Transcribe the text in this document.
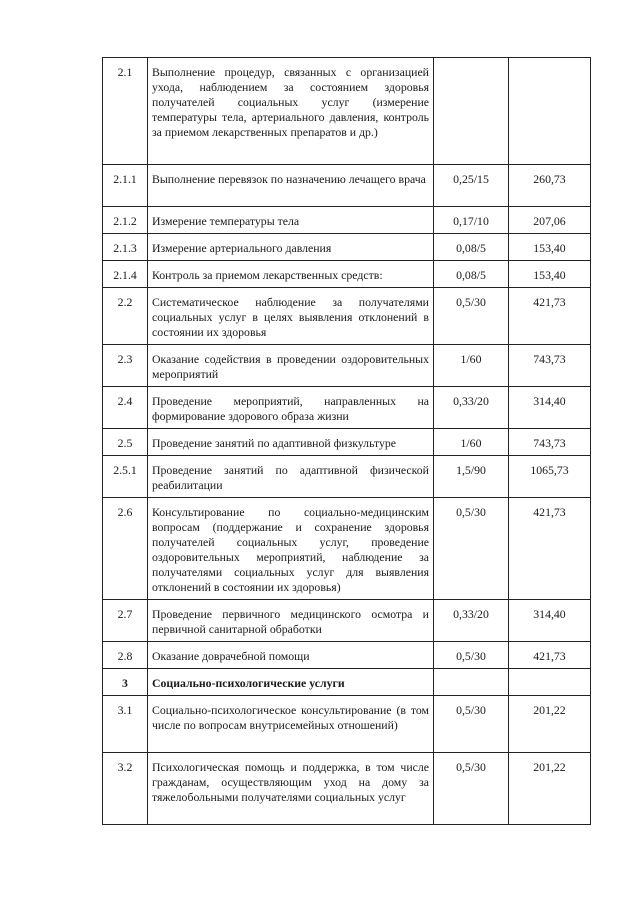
2.1	Выполнение процедур, связанных с организацией ухода, наблюдением за состоянием здоровья получателей социальных услуг (измерение температуры тела, артериального давления, контроль за приемом лекарственных препаратов и др.)		
2.1.1	Выполнение перевязок по назначению лечащего врача	0,25/15	260,73
2.1.2	Измерение температуры тела	0,17/10	207,06
2.1.3	Измерение артериального давления	0,08/5	153,40
2.1.4	Контроль за приемом лекарственных средств:	0,08/5	153,40
2.2	Систематическое наблюдение за получателями социальных услуг в целях выявления отклонений в состоянии их здоровья	0,5/30	421,73
2.3	Оказание содействия в проведении оздоровительных мероприятий	1/60	743,73
2.4	Проведение мероприятий, направленных на формирование здорового образа жизни	0,33/20	314,40
2.5	Проведение занятий по адаптивной физкультуре	1/60	743,73
2.5.1	Проведение занятий по адаптивной физической реабилитации	1,5/90	1065,73
2.6	Консультирование по социально-медицинским вопросам (поддержание и сохранение здоровья получателей социальных услуг, проведение оздоровительных мероприятий, наблюдение за получателями социальных услуг для выявления отклонений в состоянии их здоровья)	0,5/30	421,73
2.7	Проведение первичного медицинского осмотра и первичной санитарной обработки	0,33/20	314,40
2.8	Оказание доврачебной помощи	0,5/30	421,73
3	Социально-психологические услуги		
3.1	Социально-психологическое консультирование (в том числе по вопросам внутрисемейных отношений)	0,5/30	201,22
3.2	Психологическая помощь и поддержка, в том числе гражданам, осуществляющим уход на дому за тяжелобольными получателями социальных услуг	0,5/30	201,22
